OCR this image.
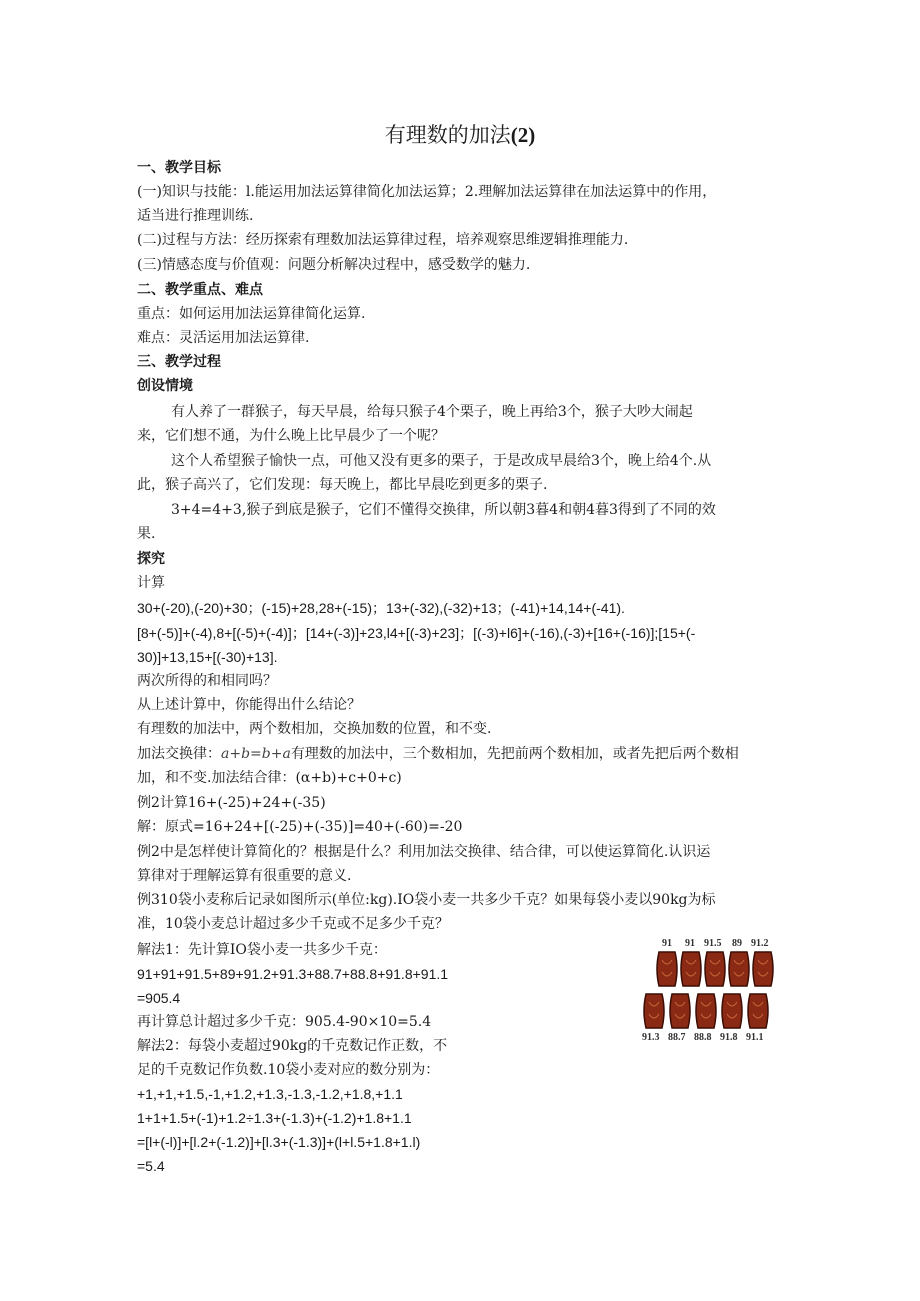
有理数的加法(2)
一、教学目标
(一)知识与技能：l.能运用加法运算律简化加法运算；2.理解加法运算律在加法运算中的作用，
适当进行推理训练.
(二)过程与方法：经历探索有理数加法运算律过程，培养观察思维逻辑推理能力.
(三)情感态度与价值观：问题分析解决过程中，感受数学的魅力.
二、教学重点、难点
重点：如何运用加法运算律简化运算.
难点：灵活运用加法运算律.
三、教学过程
创设情境
有人养了一群猴子，每天早晨，给每只猴子4个栗子，晚上再给3个，猴子大吵大闹起
来，它们想不通，为什么晚上比早晨少了一个呢？
这个人希望猴子愉快一点，可他又没有更多的栗子，于是改成早晨给3个，晚上给4个.从
此，猴子高兴了，它们发现：每天晚上，都比早晨吃到更多的栗子.
3+4=4+3,猴子到底是猴子，它们不懂得交换律，所以朝3暮4和朝4暮3得到了不同的效
果.
探究
计算
30+(-20),(-20)+30；(-15)+28,28+(-15)；13+(-32),(-32)+13；(-41)+14,14+(-41).
[8+(-5)]+(-4),8+[(-5)+(-4)]；[14+(-3)]+23,l4+[(-3)+23]；[(-3)+l6]+(-16),(-3)+[16+(-16)];[15+(-
30)]+13,15+[(-30)+13].
两次所得的和相同吗？
从上述计算中，你能得出什么结论？
有理数的加法中，两个数相加，交换加数的位置，和不变.
加法交换律：a+b=b+a有理数的加法中，三个数相加，先把前两个数相加，或者先把后两个数相
加，和不变.加法结合律：(α+b)+c+0+c)
例2计算16+(-25)+24+(-35)
解：原式=16+24+[(-25)+(-35)]=40+(-60)=-20
例2中是怎样使计算简化的？根据是什么？利用加法交换律、结合律，可以使运算简化.认识运
算律对于理解运算有很重要的意义.
例310袋小麦称后记录如图所示(单位:kg).IO袋小麦一共多少千克？如果每袋小麦以90kg为标
准，10袋小麦总计超过多少千克或不足多少千克？
解法1：先计算IO袋小麦一共多少千克：
91+91+91.5+89+91.2+91.3+88.7+88.8+91.8+91.1
=905.4
再计算总计超过多少千克：905.4-90×10=5.4
解法2：每袋小麦超过90kg的千克数记作正数，不
足的千克数记作负数.10袋小麦对应的数分别为：
+1,+1,+1.5,-1,+1.2,+1.3,-1.3,-1.2,+1.8,+1.1
1+1+1.5+(-1)+1.2÷1.3+(-1.3)+(-1.2)+1.8+1.1
=[l+(-l)]+[l.2+(-1.2)]+[l.3+(-1.3)]+(l+l.5+1.8+1.l)
=5.4
91 91 91.5 89 91.2
91.3 88.7 88.8 91.8 91.1
